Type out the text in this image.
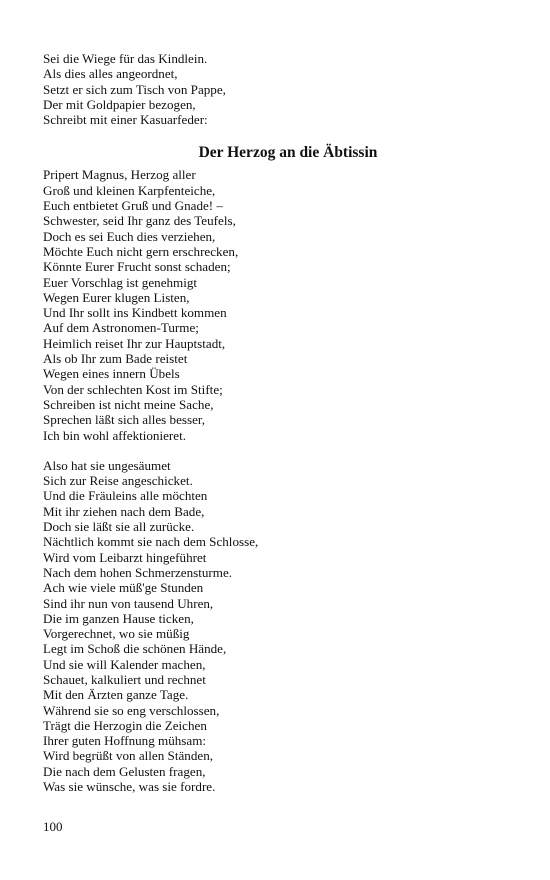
Sei die Wiege für das Kindlein.
Als dies alles angeordnet,
Setzt er sich zum Tisch von Pappe,
Der mit Goldpapier bezogen,
Schreibt mit einer Kasuarfeder:
Der Herzog an die Äbtissin
Pripert Magnus, Herzog aller
Groß und kleinen Karpfenteiche,
Euch entbietet Gruß und Gnade! –
Schwester, seid Ihr ganz des Teufels,
Doch es sei Euch dies verziehen,
Möchte Euch nicht gern erschrecken,
Könnte Eurer Frucht sonst schaden;
Euer Vorschlag ist genehmigt
Wegen Eurer klugen Listen,
Und Ihr sollt ins Kindbett kommen
Auf dem Astronomen-Turme;
Heimlich reiset Ihr zur Hauptstadt,
Als ob Ihr zum Bade reistet
Wegen eines innern Übels
Von der schlechten Kost im Stifte;
Schreiben ist nicht meine Sache,
Sprechen läßt sich alles besser,
Ich bin wohl affektionieret.
Also hat sie ungesäumet
Sich zur Reise angeschicket.
Und die Fräuleins alle möchten
Mit ihr ziehen nach dem Bade,
Doch sie läßt sie all zurücke.
Nächtlich kommt sie nach dem Schlosse,
Wird vom Leibarzt hingeführet
Nach dem hohen Schmerzensturme.
Ach wie viele müß'ge Stunden
Sind ihr nun von tausend Uhren,
Die im ganzen Hause ticken,
Vorgerechnet, wo sie müßig
Legt im Schoß die schönen Hände,
Und sie will Kalender machen,
Schauet, kalkuliert und rechnet
Mit den Ärzten ganze Tage.
Während sie so eng verschlossen,
Trägt die Herzogin die Zeichen
Ihrer guten Hoffnung mühsam:
Wird begrüßt von allen Ständen,
Die nach dem Gelusten fragen,
Was sie wünsche, was sie fordre.
100
